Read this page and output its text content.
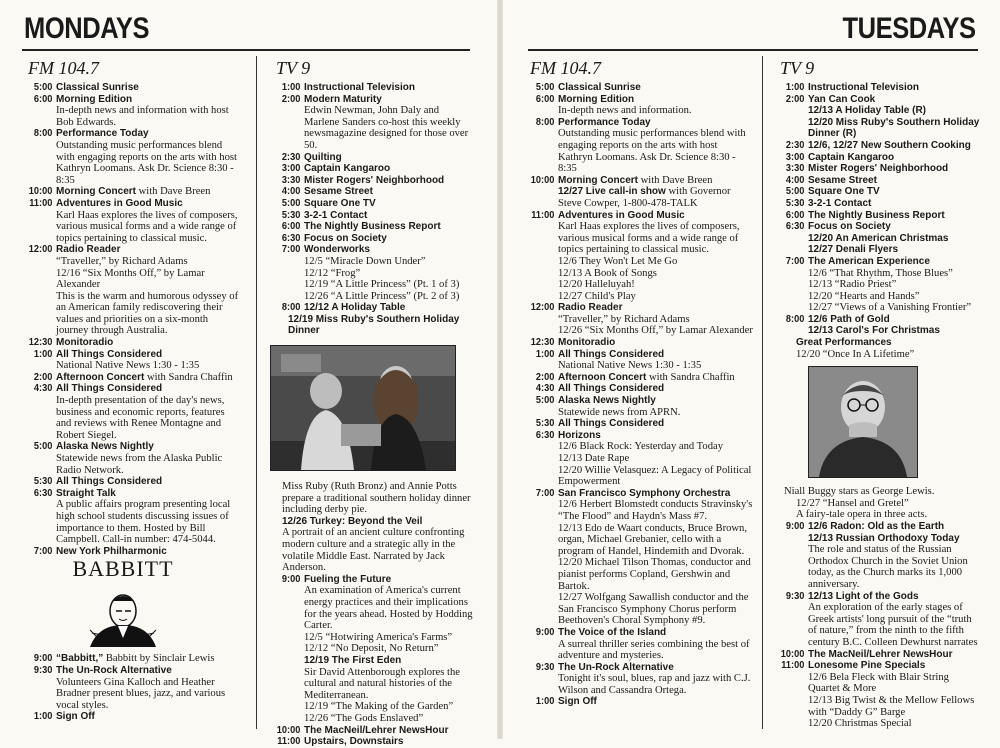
MONDAYS
FM 104.7
5:00 Classical Sunrise
6:00 Morning Edition
In-depth news and information with host Bob Edwards.
8:00 Performance Today
Outstanding music performances blend with engaging reports on the arts with host Kathryn Loomans. Ask Dr. Science 8:30 - 8:35
10:00 Morning Concert with Dave Breen
11:00 Adventures in Good Music
Karl Haas explores the lives of composers, various musical forms and a wide range of topics pertaining to classical music.
12:00 Radio Reader
“Traveller,” by Richard Adams
12/16 “Six Months Off,” by Lamar Alexander
This is the warm and humorous odyssey of an American family rediscovering their values and priorities on a six-month journey through Australia.
12:30 Monitoradio
1:00 All Things Considered
National Native News 1:30 - 1:35
2:00 Afternoon Concert with Sandra Chaffin
4:30 All Things Considered
In-depth presentation of the day's news, business and economic reports, features and reviews with Renee Montagne and Robert Siegel.
5:00 Alaska News Nightly
Statewide news from the Alaska Public Radio Network.
5:30 All Things Considered
6:30 Straight Talk
A public affairs program presenting local high school students discussing issues of importance to them. Hosted by Bill Campbell. Call-in number: 474-5044.
7:00 New York Philharmonic
BABBITT
9:00 “Babbitt,” Babbitt by Sinclair Lewis
9:30 The Un-Rock Alternative
Volunteers Gina Kalloch and Heather Bradner present blues, jazz, and various vocal styles.
1:00 Sign Off
TV 9
1:00 Instructional Television
2:00 Modern Maturity
Edwin Newman, John Daly and Marlene Sanders co-host this weekly newsmagazine designed for those over 50.
2:30 Quilting
3:00 Captain Kangaroo
3:30 Mister Rogers' Neighborhood
4:00 Sesame Street
5:00 Square One TV
5:30 3-2-1 Contact
6:00 The Nightly Business Report
6:30 Focus on Society
7:00 Wonderworks
12/5 “Miracle Down Under”
12/12 “Frog”
12/19 “A Little Princess” (Pt. 1 of 3)
12/26 “A Little Princess” (Pt. 2 of 3)
8:00 12/12 A Holiday Table
12/19 Miss Ruby's Southern Holiday Dinner
Miss Ruby (Ruth Bronz) and Annie Potts prepare a traditional southern holiday dinner including derby pie.
12/26 Turkey: Beyond the Veil
A portrait of an ancient culture confronting modern culture and a strategic ally in the volatile Middle East. Narrated by Jack Anderson.
9:00 Fueling the Future
An examination of America's current energy practices and their implications for the years ahead. Hosted by Hodding Carter.
12/5 “Hotwiring America's Farms”
12/12 “No Deposit, No Return”
12/19 The First Eden
Sir David Attenborough explores the cultural and natural histories of the Mediterranean.
12/19 “The Making of the Garden”
12/26 “The Gods Enslaved”
10:00 The MacNeil/Lehrer NewsHour
11:00 Upstairs, Downstairs
TUESDAYS
FM 104.7
5:00 Classical Sunrise
6:00 Morning Edition
In-depth news and information.
8:00 Performance Today
Outstanding music performances blend with engaging reports on the arts with host Kathryn Loomans. Ask Dr. Science 8:30 - 8:35
10:00 Morning Concert with Dave Breen
12/27 Live call-in show with Governor Steve Cowper, 1-800-478-TALK
11:00 Adventures in Good Music
Karl Haas explores the lives of composers, various musical forms and a wide range of topics pertaining to classical music.
12/6 They Won't Let Me Go
12/13 A Book of Songs
12/20 Halleluyah!
12/27 Child's Play
12:00 Radio Reader
“Traveller,” by Richard Adams
12/26 “Six Months Off,” by Lamar Alexander
12:30 Monitoradio
1:00 All Things Considered
National Native News 1:30 - 1:35
2:00 Afternoon Concert with Sandra Chaffin
4:30 All Things Considered
5:00 Alaska News Nightly
Statewide news from APRN.
5:30 All Things Considered
6:30 Horizons
12/6 Black Rock: Yesterday and Today
12/13 Date Rape
12/20 Willie Velasquez: A Legacy of Political Empowerment
7:00 San Francisco Symphony Orchestra
12/6 Herbert Blomstedt conducts Stravinsky's “The Flood” and Haydn's Mass #7.
12/13 Edo de Waart conducts, Bruce Brown, organ, Michael Grebanier, cello with a program of Handel, Hindemith and Dvorak.
12/20 Michael Tilson Thomas, conductor and pianist performs Copland, Gershwin and Bartok.
12/27 Wolfgang Sawallish conductor and the San Francisco Symphony Chorus perform Beethoven's Choral Symphony #9.
9:00 The Voice of the Island
A surreal thriller series combining the best of adventure and mysteries.
9:30 The Un-Rock Alternative
Tonight it's soul, blues, rap and jazz with C.J. Wilson and Cassandra Ortega.
1:00 Sign Off
TV 9
1:00 Instructional Television
2:00 Yan Can Cook
12/13 A Holiday Table (R)
12/20 Miss Ruby's Southern Holiday Dinner (R)
2:30 12/6, 12/27 New Southern Cooking
3:00 Captain Kangaroo
3:30 Mister Rogers' Neighborhood
4:00 Sesame Street
5:00 Square One TV
5:30 3-2-1 Contact
6:00 The Nightly Business Report
6:30 Focus on Society
12/20 An American Christmas
12/27 Denali Flyers
7:00 The American Experience
12/6 “That Rhythm, Those Blues”
12/13 “Radio Priest”
12/20 “Hearts and Hands”
12/27 “Views of a Vanishing Frontier”
8:00 12/6 Path of Gold
12/13 Carol's For Christmas
Great Performances
12/20 “Once In A Lifetime”
Niall Buggy stars as George Lewis.
12/27 “Hansel and Gretel”
A fairy-tale opera in three acts.
9:00 12/6 Radon: Old as the Earth
12/13 Russian Orthodoxy Today
The role and status of the Russian Orthodox Church in the Soviet Union today, as the Church marks its 1,000 anniversary.
9:30 12/13 Light of the Gods
An exploration of the early stages of Greek artists' long pursuit of the “truth of nature,” from the ninth to the fifth century B.C. Colleen Dewhurst narrates
10:00 The MacNeil/Lehrer NewsHour
11:00 Lonesome Pine Specials
12/6 Bela Fleck with Blair String Quartet & More
12/13 Big Twist & the Mellow Fellows with “Daddy G” Barge
12/20 Christmas Special
